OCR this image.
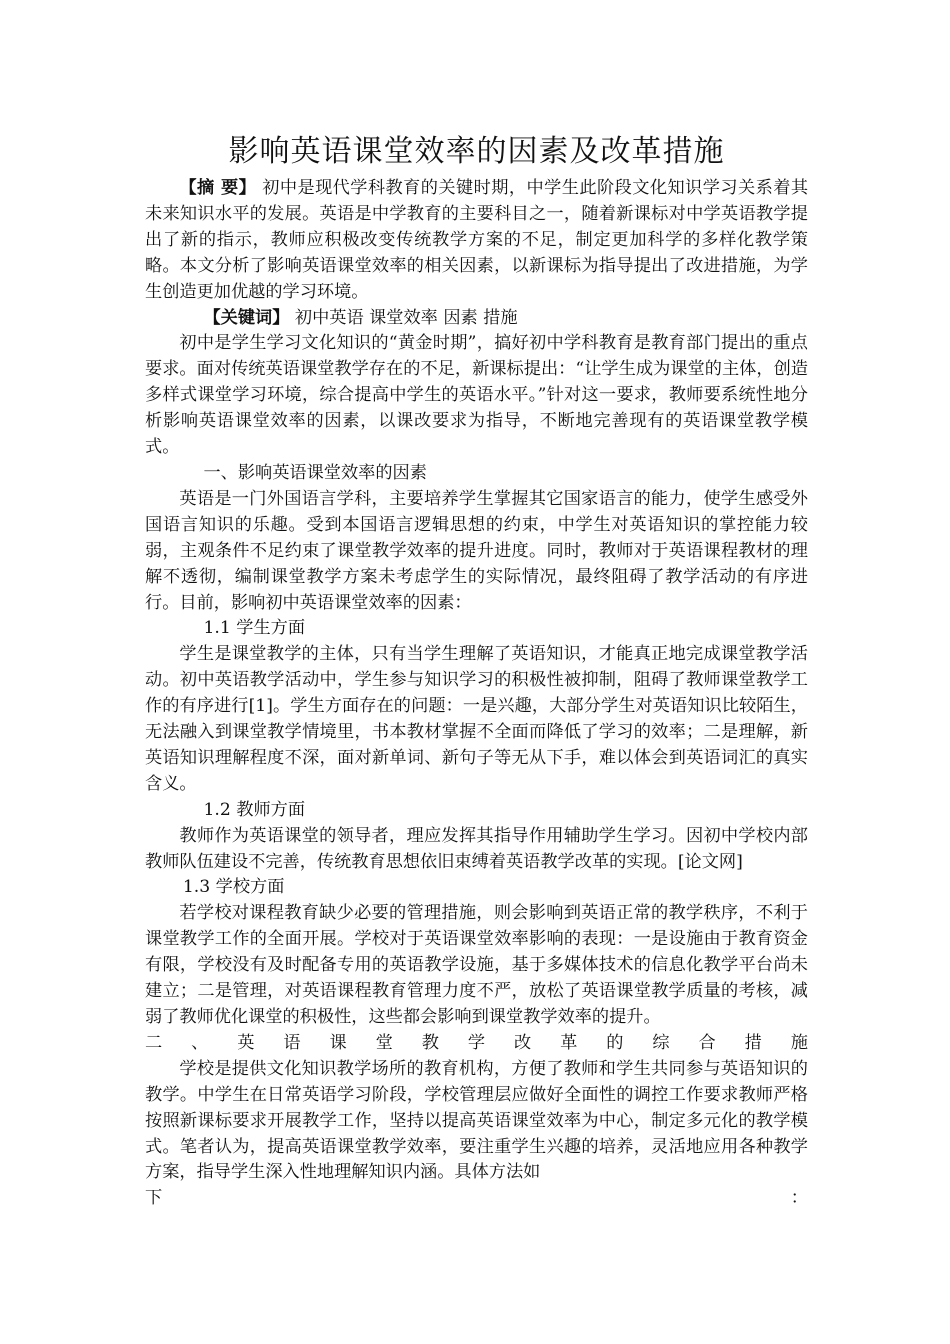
影响英语课堂效率的因素及改革措施

【摘 要】 初中是现代学科教育的关键时期，中学生此阶段文化知识学习关系着其未来知识水平的发展。英语是中学教育的主要科目之一，随着新课标对中学英语教学提出了新的指示，教师应积极改变传统教学方案的不足，制定更加科学的多样化教学策略。本文分析了影响英语课堂效率的相关因素，以新课标为指导提出了改进措施，为学生创造更加优越的学习环境。

【关键词】 初中英语 课堂效率 因素 措施

初中是学生学习文化知识的“黄金时期”，搞好初中学科教育是教育部门提出的重点要求。面对传统英语课堂教学存在的不足，新课标提出：“让学生成为课堂的主体，创造多样式课堂学习环境，综合提高中学生的英语水平。”针对这一要求，教师要系统性地分析影响英语课堂效率的因素，以课改要求为指导，不断地完善现有的英语课堂教学模式。

一、影响英语课堂效率的因素

英语是一门外国语言学科，主要培养学生掌握其它国家语言的能力，使学生感受外国语言知识的乐趣。受到本国语言逻辑思想的约束，中学生对英语知识的掌控能力较弱，主观条件不足约束了课堂教学效率的提升进度。同时，教师对于英语课程教材的理解不透彻，编制课堂教学方案未考虑学生的实际情况，最终阻碍了教学活动的有序进行。目前，影响初中英语课堂效率的因素：

1.1 学生方面

学生是课堂教学的主体，只有当学生理解了英语知识，才能真正地完成课堂教学活动。初中英语教学活动中，学生参与知识学习的积极性被抑制，阻碍了教师课堂教学工作的有序进行[1]。学生方面存在的问题：一是兴趣，大部分学生对英语知识比较陌生，无法融入到课堂教学情境里，书本教材掌握不全面而降低了学习的效率；二是理解，新英语知识理解程度不深，面对新单词、新句子等无从下手，难以体会到英语词汇的真实含义。

1.2 教师方面

教师作为英语课堂的领导者，理应发挥其指导作用辅助学生学习。因初中学校内部教师队伍建设不完善，传统教育思想依旧束缚着英语教学改革的实现。[论文网]

1.3 学校方面

若学校对课程教育缺少必要的管理措施，则会影响到英语正常的教学秩序，不利于课堂教学工作的全面开展。学校对于英语课堂效率影响的表现：一是设施由于教育资金有限，学校没有及时配备专用的英语教学设施，基于多媒体技术的信息化教学平台尚未建立；二是管理，对英语课程教育管理力度不严，放松了英语课堂教学质量的考核，减弱了教师优化课堂的积极性，这些都会影响到课堂教学效率的提升。

二、英语课堂教学改革的综合措施

学校是提供文化知识教学场所的教育机构，方便了教师和学生共同参与英语知识的教学。中学生在日常英语学习阶段，学校管理层应做好全面性的调控工作要求教师严格按照新课标要求开展教学工作，坚持以提高英语课堂效率为中心，制定多元化的教学模式。笔者认为，提高英语课堂教学效率，要注重学生兴趣的培养，灵活地应用各种教学方案，指导学生深入性地理解知识内涵。具体方法如

下	：
